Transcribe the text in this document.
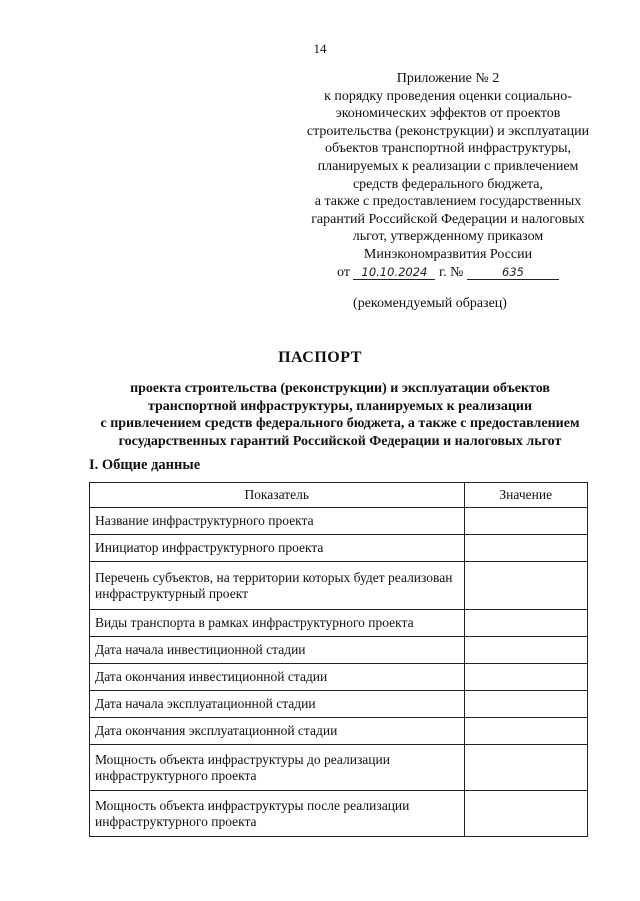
14
Приложение № 2
к порядку проведения оценки социально-
экономических эффектов от проектов
строительства (реконструкции) и эксплуатации
объектов транспортной инфраструктуры,
планируемых к реализации с привлечением
средств федерального бюджета,
а также с предоставлением государственных
гарантий Российской Федерации и налоговых
льгот, утвержденному приказом
Минэкономразвития России
от 10.10.2024 г. №	635
(рекомендуемый образец)
ПАСПОРТ
проекта строительства (реконструкции) и эксплуатации объектов
транспортной инфраструктуры, планируемых к реализации
с привлечением средств федерального бюджета, а также с предоставлением
государственных гарантий Российской Федерации и налоговых льгот
I. Общие данные
Показатель	Значение
Название инфраструктурного проекта	
Инициатор инфраструктурного проекта	
Перечень субъектов, на территории которых будет реализован инфраструктурный проект	
Виды транспорта в рамках инфраструктурного проекта	
Дата начала инвестиционной стадии	
Дата окончания инвестиционной стадии	
Дата начала эксплуатационной стадии	
Дата окончания эксплуатационной стадии	
Мощность объекта инфраструктуры до реализации инфраструктурного проекта	
Мощность объекта инфраструктуры после реализации инфраструктурного проекта	
